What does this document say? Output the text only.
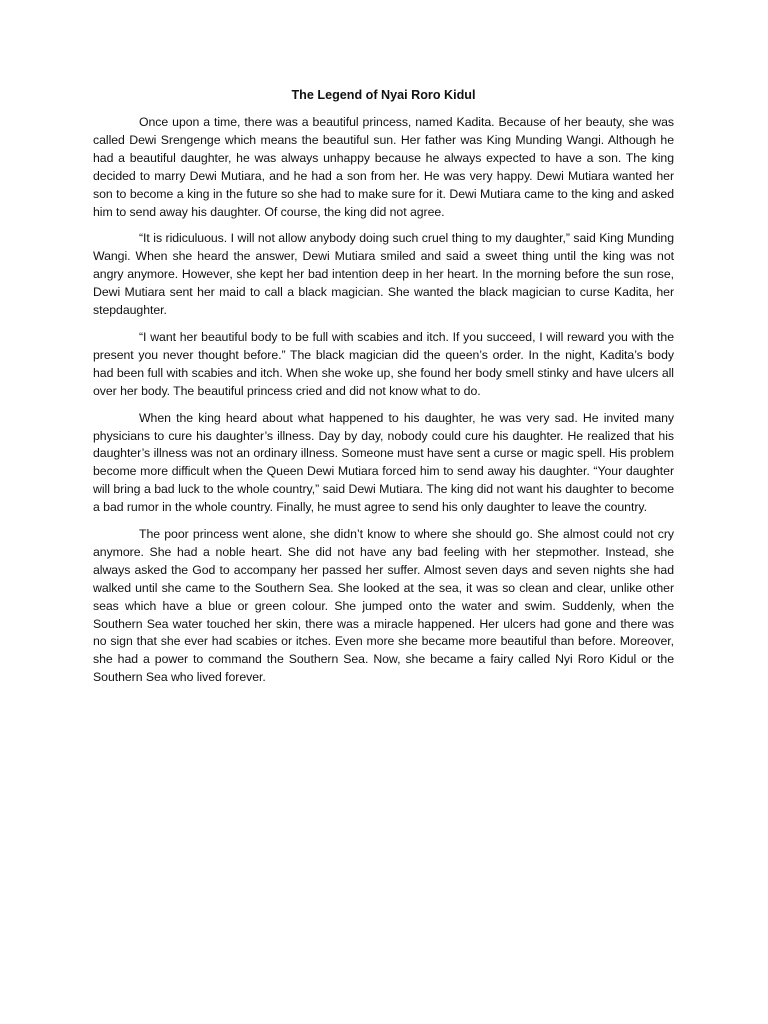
The Legend of Nyai Roro Kidul

Once upon a time, there was a beautiful princess, named Kadita. Because of her beauty, she was called Dewi Srengenge which means the beautiful sun. Her father was King Munding Wangi. Although he had a beautiful daughter, he was always unhappy because he always expected to have a son. The king decided to marry Dewi Mutiara, and he had a son from her. He was very happy. Dewi Mutiara wanted her son to become a king in the future so she had to make sure for it. Dewi Mutiara came to the king and asked him to send away his daughter. Of course, the king did not agree.

“It is ridiculuous. I will not allow anybody doing such cruel thing to my daughter,” said King Munding Wangi. When she heard the answer, Dewi Mutiara smiled and said a sweet thing until the king was not angry anymore. However, she kept her bad intention deep in her heart. In the morning before the sun rose, Dewi Mutiara sent her maid to call a black magician. She wanted the black magician to curse Kadita, her stepdaughter.

“I want her beautiful body to be full with scabies and itch. If you succeed, I will reward you with the present you never thought before.” The black magician did the queen’s order. In the night, Kadita’s body had been full with scabies and itch. When she woke up, she found her body smell stinky and have ulcers all over her body. The beautiful princess cried and did not know what to do.

When the king heard about what happened to his daughter, he was very sad. He invited many physicians to cure his daughter’s illness. Day by day, nobody could cure his daughter. He realized that his daughter’s illness was not an ordinary illness. Someone must have sent a curse or magic spell. His problem become more difficult when the Queen Dewi Mutiara forced him to send away his daughter. “Your daughter will bring a bad luck to the whole country,” said Dewi Mutiara. The king did not want his daughter to become a bad rumor in the whole country. Finally, he must agree to send his only daughter to leave the country.

The poor princess went alone, she didn’t know to where she should go. She almost could not cry anymore. She had a noble heart. She did not have any bad feeling with her stepmother. Instead, she always asked the God to accompany her passed her suffer. Almost seven days and seven nights she had walked until she came to the Southern Sea. She looked at the sea, it was so clean and clear, unlike other seas which have a blue or green colour. She jumped onto the water and swim. Suddenly, when the Southern Sea water touched her skin, there was a miracle happened. Her ulcers had gone and there was no sign that she ever had scabies or itches. Even more she became more beautiful than before. Moreover, she had a power to command the Southern Sea. Now, she became a fairy called Nyi Roro Kidul or the Southern Sea who lived forever.
